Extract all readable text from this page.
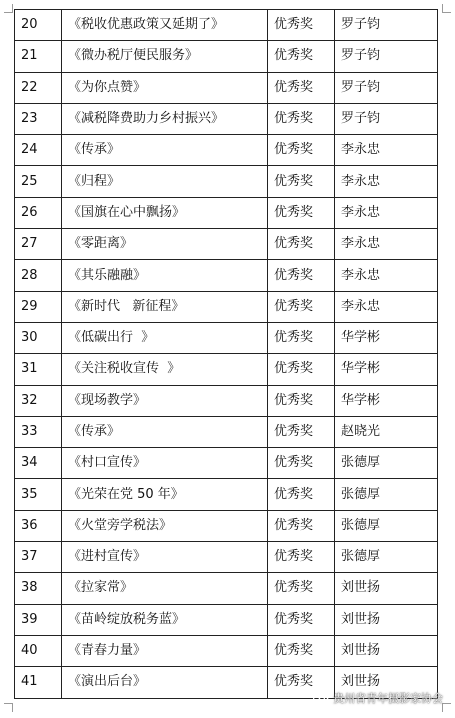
20	《税收优惠政策又延期了》	优秀奖	罗子钧
21	《微办税厅便民服务》	优秀奖	罗子钧
22	《为你点赞》	优秀奖	罗子钧
23	《减税降费助力乡村振兴》	优秀奖	罗子钧
24	《传承》	优秀奖	李永忠
25	《归程》	优秀奖	李永忠
26	《国旗在心中飘扬》	优秀奖	李永忠
27	《零距离》	优秀奖	李永忠
28	《其乐融融》	优秀奖	李永忠
29	《新时代   新征程》	优秀奖	李永忠
30	《低碳出行  》	优秀奖	华学彬
31	《关注税收宣传  》	优秀奖	华学彬
32	《现场教学》	优秀奖	华学彬
33	《传承》	优秀奖	赵晓光
34	《村口宣传》	优秀奖	张德厚
35	《光荣在党 50 年》	优秀奖	张德厚
36	《火堂旁学税法》	优秀奖	张德厚
37	《进村宣传》	优秀奖	张德厚
38	《拉家常》	优秀奖	刘世扬
39	《苗岭绽放税务蓝》	优秀奖	刘世扬
40	《青春力量》	优秀奖	刘世扬
41	《演出后台》	优秀奖	刘世扬
贵州省青年摄影家协会
